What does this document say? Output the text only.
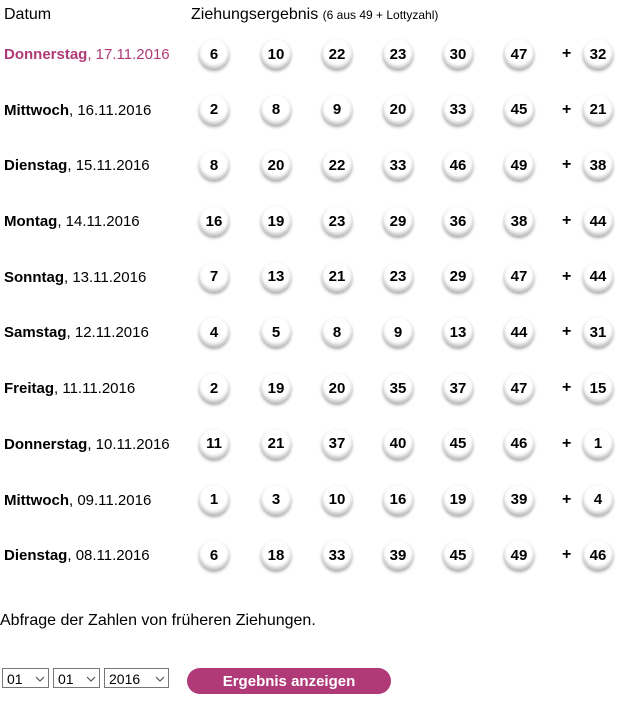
Datum	Ziehungsergebnis (6 aus 49 + Lottyzahl)
Donnerstag, 17.11.2016	6	10	22	23	30	47	+	32
Mittwoch, 16.11.2016	2	8	9	20	33	45	+	21
Dienstag, 15.11.2016	8	20	22	33	46	49	+	38
Montag, 14.11.2016	16	19	23	29	36	38	+	44
Sonntag, 13.11.2016	7	13	21	23	29	47	+	44
Samstag, 12.11.2016	4	5	8	9	13	44	+	31
Freitag, 11.11.2016	2	19	20	35	37	47	+	15
Donnerstag, 10.11.2016	11	21	37	40	45	46	+	1
Mittwoch, 09.11.2016	1	3	10	16	19	39	+	4
Dienstag, 08.11.2016	6	18	33	39	45	49	+	46
Abfrage der Zahlen von früheren Ziehungen.
01	01	2016	Ergebnis anzeigen
